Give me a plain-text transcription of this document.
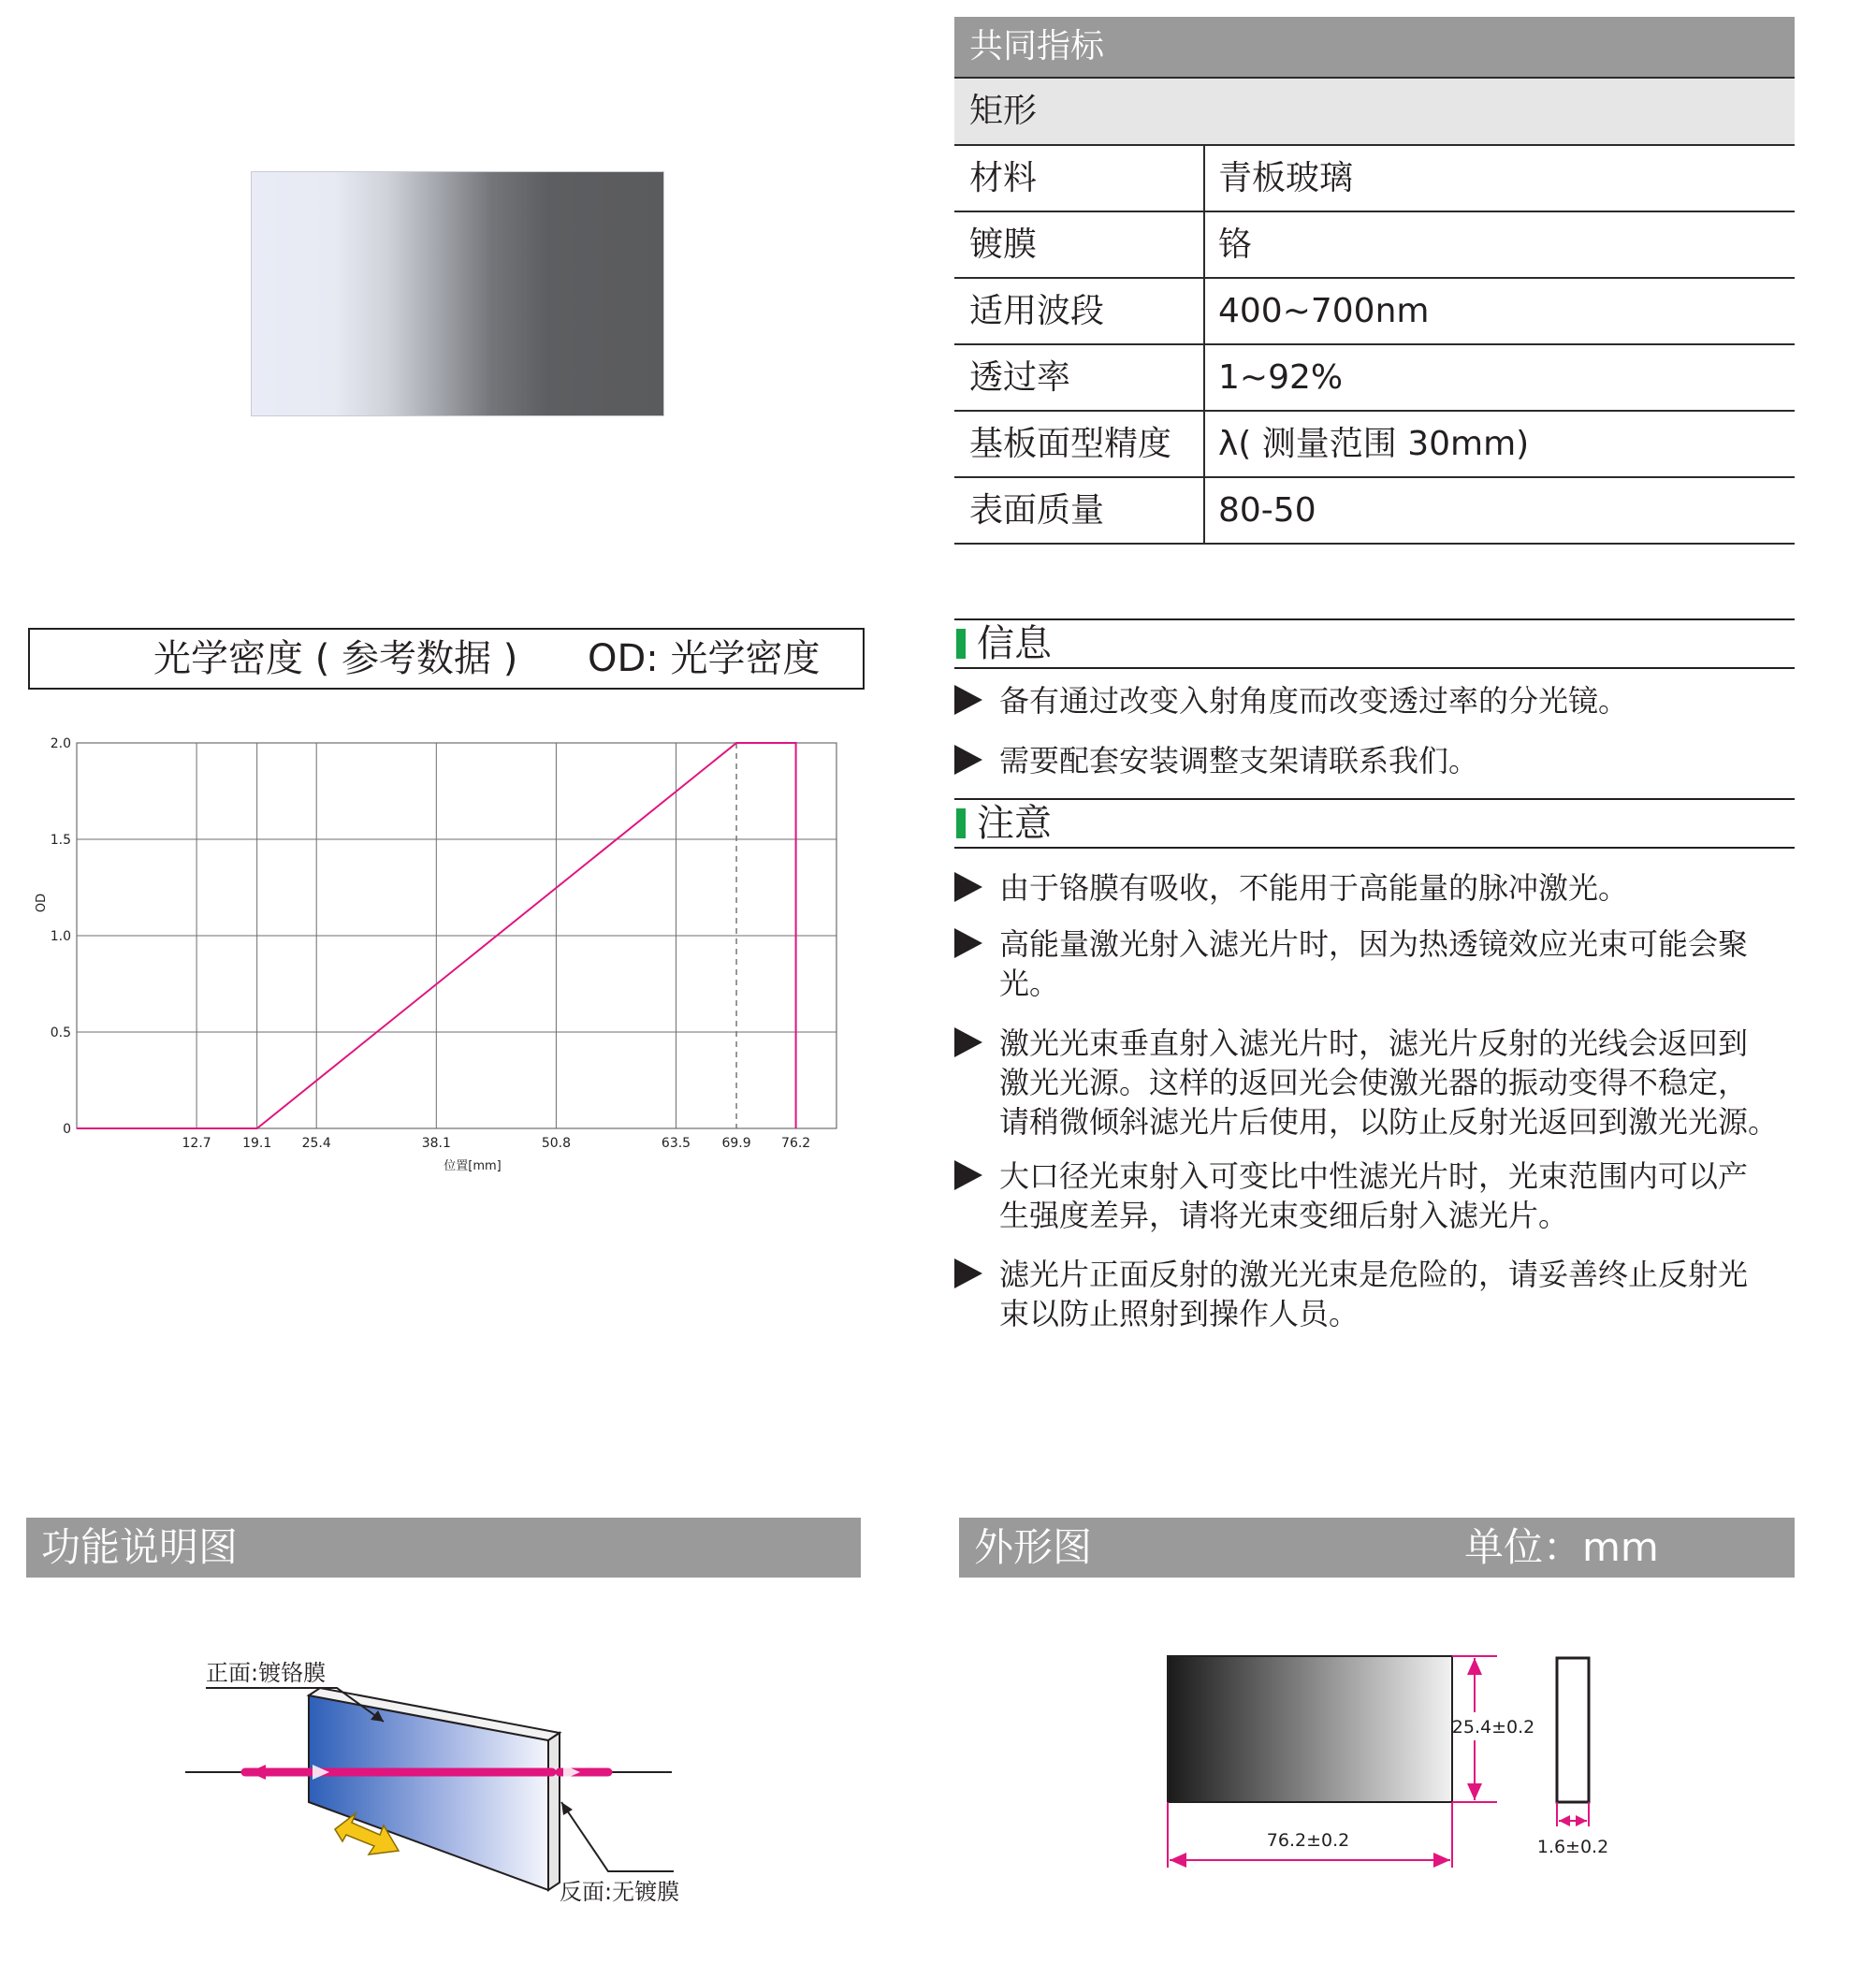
共同指标
矩形
材料	青板玻璃
镀膜	铬
适用波段	400~700nm
透过率	1~92%
基板面型精度	λ( 测量范围 30mm)
表面质量	80-50
光学密度 ( 参考数据 ) OD: 光学密度
12.7 19.1 25.4	38.1	50.8	63.5 69.9 76.2
0
0.5
1.0
1.5
2.0
位置[mm]
OD
信息
备有通过改变入射角度而改变透过率的分光镜。
需要配套安装调整支架请联系我们。
注意
由于铬膜有吸收，不能用于高能量的脉冲激光。
高能量激光射入滤光片时，因为热透镜效应光束可能会聚
光。
激光光束垂直射入滤光片时，滤光片反射的光线会返回到
激光光源。这样的返回光会使激光器的振动变得不稳定，
请稍微倾斜滤光片后使用，以防止反射光返回到激光光源。
大口径光束射入可变比中性滤光片时，光束范围内可以产
生强度差异，请将光束变细后射入滤光片。
滤光片正面反射的激光光束是危险的，请妥善终止反射光
束以防止照射到操作人员。
功能说明图	外形图	单位：mm
正面:镀铬膜
反面:无镀膜
25.4±0.2
76.2±0.2	1.6±0.2
